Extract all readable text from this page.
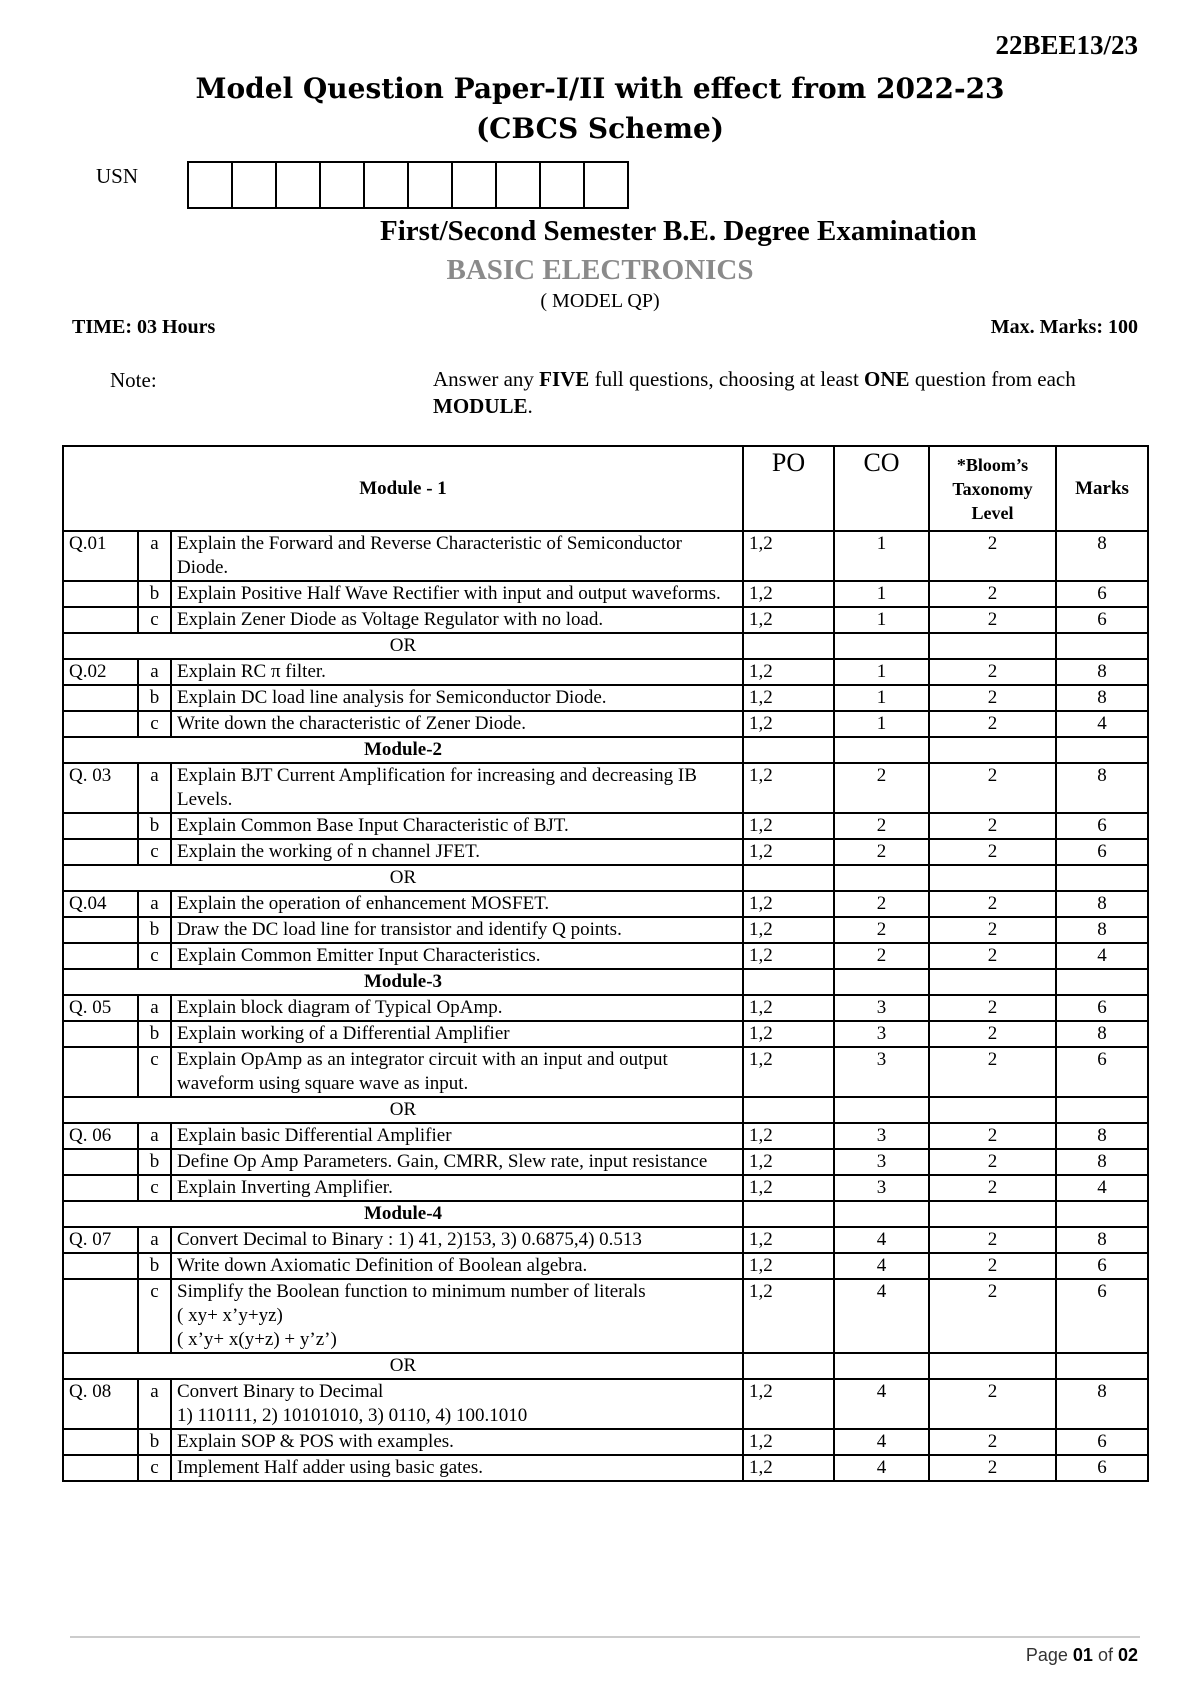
22BEE13/23
Model Question Paper-I/II with effect from 2022-23
(CBCS Scheme)
USN
First/Second Semester B.E. Degree Examination
BASIC ELECTRONICS
( MODEL QP)
TIME: 03 Hours	Max. Marks: 100
Note:	Answer any FIVE full questions, choosing at least ONE question from each MODULE.
Module - 1			PO	CO	*Bloom’s Taxonomy Level	Marks
Q.01	a	Explain the Forward and Reverse Characteristic of Semiconductor Diode.	1,2	1	2	8
	b	Explain Positive Half Wave Rectifier with input and output waveforms.	1,2	1	2	6
	c	Explain Zener Diode as Voltage Regulator with no load.	1,2	1	2	6
OR						
Q.02	a	Explain RC π filter.	1,2	1	2	8
	b	Explain DC load line analysis for Semiconductor Diode.	1,2	1	2	8
	c	Write down the characteristic of Zener Diode.	1,2	1	2	4
Module-2						
Q. 03	a	Explain BJT Current Amplification for increasing and decreasing IB Levels.	1,2	2	2	8
	b	Explain Common Base Input Characteristic of BJT.	1,2	2	2	6
	c	Explain the working of n channel JFET.	1,2	2	2	6
OR						
Q.04	a	Explain the operation of enhancement MOSFET.	1,2	2	2	8
	b	Draw the DC load line for transistor and identify Q points.	1,2	2	2	8
	c	Explain Common Emitter Input Characteristics.	1,2	2	2	4
Module-3						
Q. 05	a	Explain block diagram of Typical OpAmp.	1,2	3	2	6
	b	Explain working of a Differential Amplifier	1,2	3	2	8
	c	Explain OpAmp as an integrator circuit with an input and output waveform using square wave as input.	1,2	3	2	6
OR						
Q. 06	a	Explain basic Differential Amplifier	1,2	3	2	8
	b	Define Op Amp Parameters. Gain, CMRR, Slew rate, input resistance	1,2	3	2	8
	c	Explain Inverting Amplifier.	1,2	3	2	4
Module-4						
Q. 07	a	Convert Decimal to Binary : 1) 41, 2)153, 3) 0.6875,4) 0.513	1,2	4	2	8
	b	Write down Axiomatic Definition of Boolean algebra.	1,2	4	2	6
	c	Simplify the Boolean function to minimum number of literals
( xy+ x’y+yz)
( x’y+ x(y+z) + y’z’)	1,2	4	2	6
OR						
Q. 08	a	Convert Binary to Decimal
1) 110111, 2) 10101010, 3) 0110, 4) 100.1010	1,2	4	2	8
	b	Explain SOP & POS with examples.	1,2	4	2	6
	c	Implement Half adder using basic gates.	1,2	4	2	6
Page 01 of 02
